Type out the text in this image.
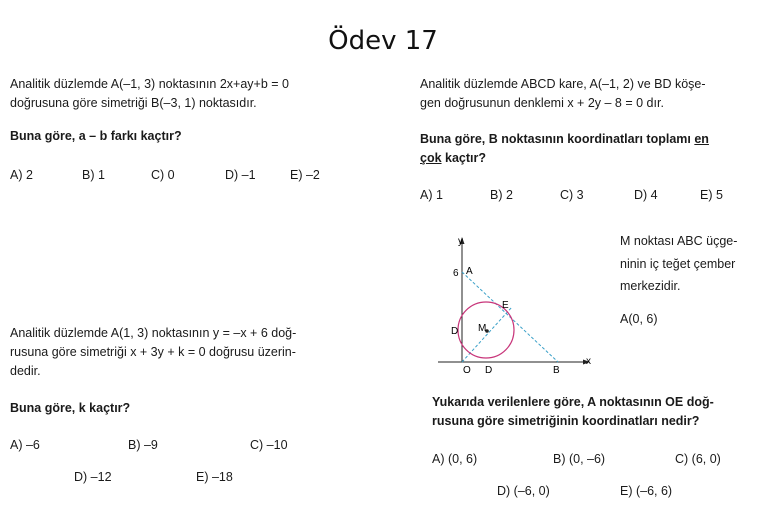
Ödev 17
Analitik düzlemde A(–1, 3) noktasının 2x+ay+b = 0
doğrusuna göre simetriği B(–3, 1) noktasıdır.
Buna göre, a – b farkı kaçtır?
A) 2	B) 1	C) 0	D) –1	E) –2
Analitik düzlemde ABCD kare, A(–1, 2) ve BD köşe-
gen doğrusunun denklemi x + 2y – 8 = 0 dır.
Buna göre, B noktasının koordinatları toplamı en
çok kaçtır?
A) 1	B) 2	C) 3	D) 4	E) 5
Analitik düzlemde A(1, 3) noktasının y = –x + 6 doğ-
rusuna göre simetriği x + 3y + k = 0 doğrusu üzerin-
dedir.
Buna göre, k kaçtır?
A) –6	B) –9	C) –10
D) –12	E) –18
y
x
6 A
E
D M
O D	B
M noktası ABC üçge-
ninin iç teğet çember
merkezidir.
A(0, 6)
Yukarıda verilenlere göre, A noktasının OE doğ-
rusuna göre simetriğinin koordinatları nedir?
A) (0, 6)	B) (0, –6)	C) (6, 0)
D) (–6, 0)	E) (–6, 6)
